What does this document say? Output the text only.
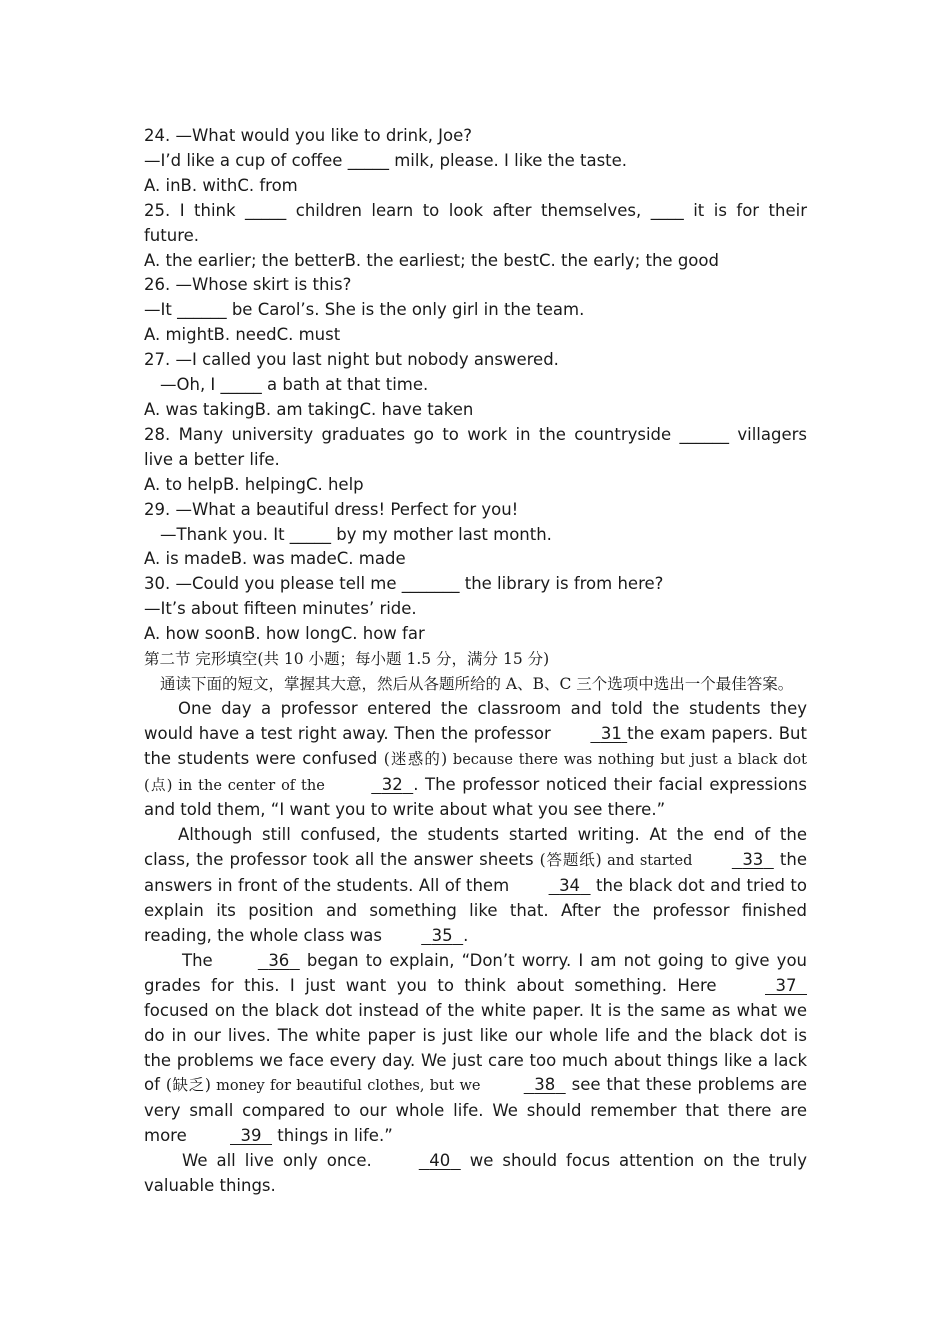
24. —What would you like to drink, Joe?
—I’d like a cup of coffee _____ milk, please. I like the taste.
A. inB. withC. from
25. I think _____ children learn to look after themselves, ____ it is for their future.
A. the earlier; the betterB. the earliest; the bestC. the early; the good
26. —Whose skirt is this?
—It ______ be Carol’s. She is the only girl in the team.
A. mightB. needC. must
27. —I called you last night but nobody answered.
—Oh, I _____ a bath at that time.
A. was takingB. am takingC. have taken
28. Many university graduates go to work in the countryside ______ villagers live a better life.
A. to helpB. helpingC. help
29. —What a beautiful dress! Perfect for you!
—Thank you. It _____ by my mother last month.
A. is madeB. was madeC. made
30. —Could you please tell me _______ the library is from here?
—It’s about fifteen minutes’ ride.
A. how soonB. how longC. how far
第二节 完形填空(共 10 小题；每小题 1.5 分，满分 15 分)
通读下面的短文，掌握其大意，然后从各题所给的 A、B、C 三个选项中选出一个最佳答案。
One day a professor entered the classroom and told the students they would have a test right away. Then the professor	31 the exam papers. But the students were confused (迷惑的) because there was nothing but just a black dot (点) in the center of the	32 . The professor noticed their facial expressions and told them, “I want you to write about what you see there.”
Although still confused, the students started writing. At the end of the class, the professor took all the answer sheets (答题纸) and started	33   the answers in front of the students. All of them	34   the black dot and tried to explain its position and something like that. After the professor finished reading, the whole class was	35 .
The	36   began to explain, “Don’t worry. I am not going to give you grades for this. I just want you to think about something. Here	37   focused on the black dot instead of the white paper. It is the same as what we do in our lives. The white paper is just like our whole life and the black dot is the problems we face every day. We just care too much about things like a lack of (缺乏) money for beautiful clothes, but we	38   see that these problems are very small compared to our whole life. We should remember that there are more	39   things in life.”
We all live only once.	40   we should focus attention on the truly valuable things.
